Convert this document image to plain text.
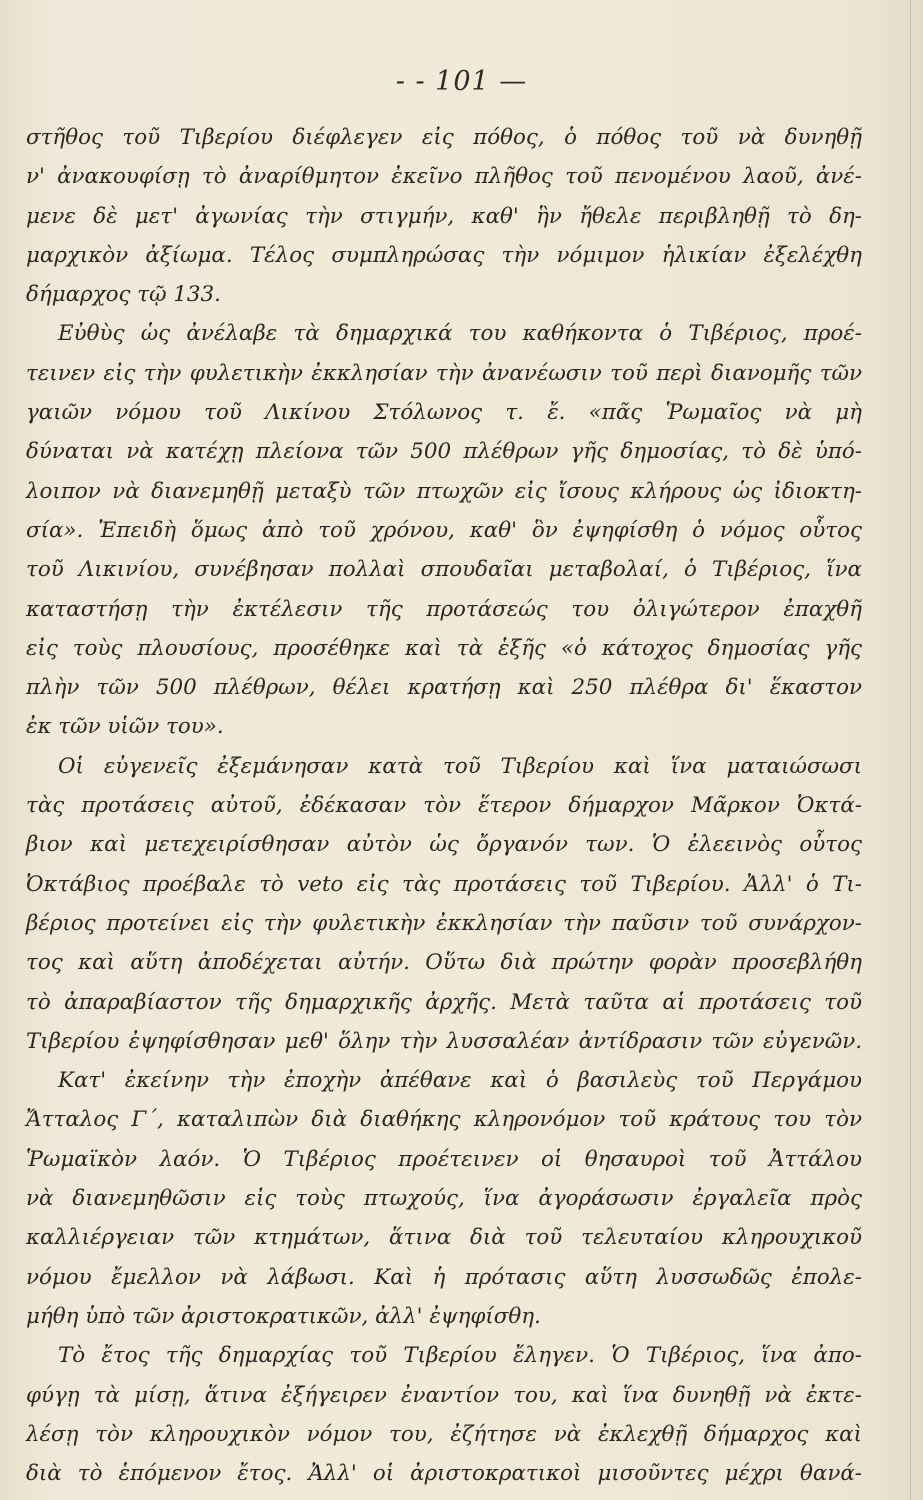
- - 101 —
στῆθος τοῦ Τιβερίου διέφλεγεν εἰς πόθος, ὁ πόθος τοῦ νὰ δυνηθῇ
ν' ἀνακουφίσῃ τὸ ἀναρίθμητον ἐκεῖνο πλῆθος τοῦ πενομένου λαοῦ, ἀνέ-
μενε δὲ μετ' ἀγωνίας τὴν στιγμήν, καθ' ἣν ἤθελε περιβληθῇ τὸ δη-
μαρχικὸν ἀξίωμα. Τέλος συμπληρώσας τὴν νόμιμον ἡλικίαν ἐξελέχθη
δήμαρχος τῷ 133.
Εὐθὺς ὡς ἀνέλαβε τὰ δημαρχικά του καθήκοντα ὁ Τιβέριος, προέ-
τεινεν εἰς τὴν φυλετικὴν ἐκκλησίαν τὴν ἀνανέωσιν τοῦ περὶ διανομῆς τῶν
γαιῶν νόμου τοῦ Λικίνου Στόλωνος τ. ἔ. «πᾶς Ῥωμαῖος νὰ μὴ
δύναται νὰ κατέχῃ πλείονα τῶν 500 πλέθρων γῆς δημοσίας, τὸ δὲ ὑπό-
λοιπον νὰ διανεμηθῇ μεταξὺ τῶν πτωχῶν εἰς ἴσους κλήρους ὡς ἰδιοκτη-
σία». Ἐπειδὴ ὅμως ἀπὸ τοῦ χρόνου, καθ' ὃν ἐψηφίσθη ὁ νόμος οὗτος
τοῦ Λικινίου, συνέβησαν πολλαὶ σπουδαῖαι μεταβολαί, ὁ Τιβέριος, ἵνα
καταστήσῃ τὴν ἐκτέλεσιν τῆς προτάσεώς του ὀλιγώτερον ἐπαχθῆ
εἰς τοὺς πλουσίους, προσέθηκε καὶ τὰ ἑξῆς «ὁ κάτοχος δημοσίας γῆς
πλὴν τῶν 500 πλέθρων, θέλει κρατήσῃ καὶ 250 πλέθρα δι' ἕκαστον
ἐκ τῶν υἱῶν του».
Οἱ εὐγενεῖς ἐξεμάνησαν κατὰ τοῦ Τιβερίου καὶ ἵνα ματαιώσωσι
τὰς προτάσεις αὐτοῦ, ἐδέκασαν τὸν ἕτερον δήμαρχον Μᾶρκον Ὀκτά-
βιον καὶ μετεχειρίσθησαν αὐτὸν ὡς ὄργανόν των. Ὁ ἐλεεινὸς οὗτος
Ὀκτάβιος προέβαλε τὸ veto εἰς τὰς προτάσεις τοῦ Τιβερίου. Ἀλλ' ὁ Τι-
βέριος προτείνει εἰς τὴν φυλετικὴν ἐκκλησίαν τὴν παῦσιν τοῦ συνάρχον-
τος καὶ αὕτη ἀποδέχεται αὐτήν. Οὕτω διὰ πρώτην φορὰν προσεβλήθη
τὸ ἀπαραβίαστον τῆς δημαρχικῆς ἀρχῆς. Μετὰ ταῦτα αἱ προτάσεις τοῦ
Τιβερίου ἐψηφίσθησαν μεθ' ὅλην τὴν λυσσαλέαν ἀντίδρασιν τῶν εὐγενῶν.
Κατ' ἐκείνην τὴν ἐποχὴν ἀπέθανε καὶ ὁ βασιλεὺς τοῦ Περγάμου
Ἄτταλος Γ΄, καταλιπὼν διὰ διαθήκης κληρονόμον τοῦ κράτους του τὸν
Ῥωμαϊκὸν λαόν. Ὁ Τιβέριος προέτεινεν οἱ θησαυροὶ τοῦ Ἀττάλου
νὰ διανεμηθῶσιν εἰς τοὺς πτωχούς, ἵνα ἀγοράσωσιν ἐργαλεῖα πρὸς
καλλιέργειαν τῶν κτημάτων, ἅτινα διὰ τοῦ τελευταίου κληρουχικοῦ
νόμου ἔμελλον νὰ λάβωσι. Καὶ ἡ πρότασις αὕτη λυσσωδῶς ἐπολε-
μήθη ὑπὸ τῶν ἀριστοκρατικῶν, ἀλλ' ἐψηφίσθη.
Τὸ ἔτος τῆς δημαρχίας τοῦ Τιβερίου ἔληγεν. Ὁ Τιβέριος, ἵνα ἀπο-
φύγῃ τὰ μίσῃ, ἅτινα ἐξήγειρεν ἐναντίον του, καὶ ἵνα δυνηθῇ νὰ ἐκτε-
λέσῃ τὸν κληρουχικὸν νόμον του, ἐζήτησε νὰ ἐκλεχθῇ δήμαρχος καὶ
διὰ τὸ ἑπόμενον ἔτος. Ἀλλ' οἱ ἀριστοκρατικοὶ μισοῦντες μέχρι θανά-
